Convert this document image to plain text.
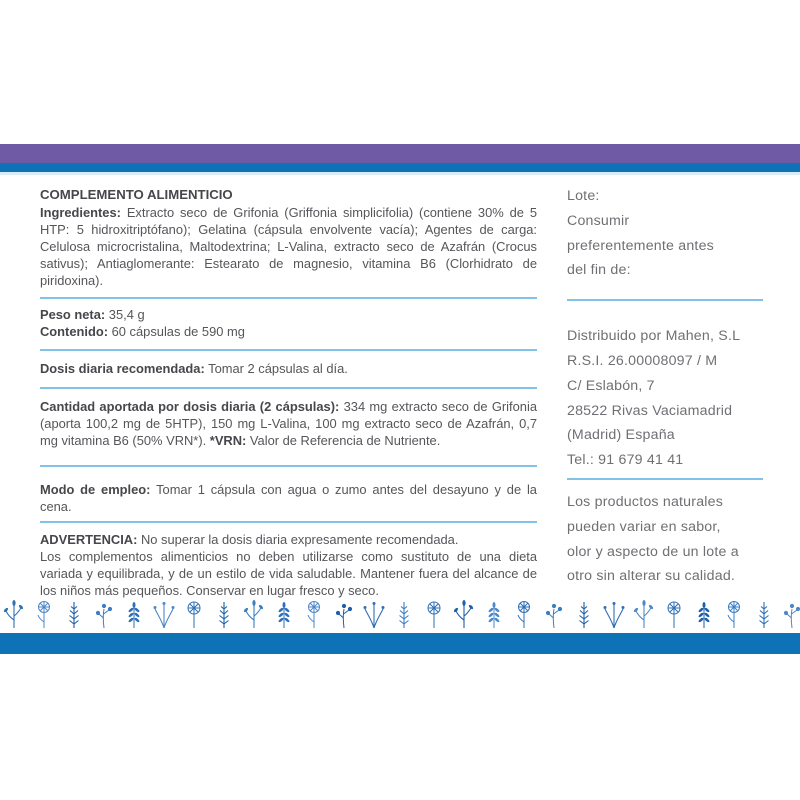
COMPLEMENTO ALIMENTICIO
Ingredientes: Extracto seco de Grifonia (Griffonia simplicifolia) (contiene 30% de 5 HTP: 5 hidroxitriptófano); Gelatina (cápsula envolvente vacía); Agentes de carga: Celulosa microcristalina, Maltodextrina; L-Valina, extracto seco de Azafrán (Crocus sativus); Antiaglomerante: Estearato de magnesio, vitamina B6 (Clorhidrato de piridoxina).
Peso neta: 35,4 g
Contenido: 60 cápsulas de 590 mg
Dosis diaria recomendada: Tomar 2 cápsulas al día.
Cantidad aportada por dosis diaria (2 cápsulas): 334 mg extracto seco de Grifonia (aporta 100,2 mg de 5HTP), 150 mg L-Valina, 100 mg extracto seco de Azafrán, 0,7 mg vitamina B6 (50% VRN*). *VRN: Valor de Referencia de Nutriente.
Modo de empleo: Tomar 1 cápsula con agua o zumo antes del desayuno y de la cena.
ADVERTENCIA: No superar la dosis diaria expresamente recomendada.
Los complementos alimenticios no deben utilizarse como sustituto de una dieta variada y equilibrada, y de un estilo de vida saludable. Mantener fuera del alcance de los niños más pequeños. Conservar en lugar fresco y seco.
Lote:
Consumir
preferentemente antes
del fin de:
Distribuido por Mahen, S.L
R.S.I. 26.00008097 / M
C/ Eslabón, 7
28522 Rivas Vaciamadrid
(Madrid) España
Tel.: 91 679 41 41
Los productos naturales
pueden variar en sabor,
olor y aspecto de un lote a
otro sin alterar su calidad.
